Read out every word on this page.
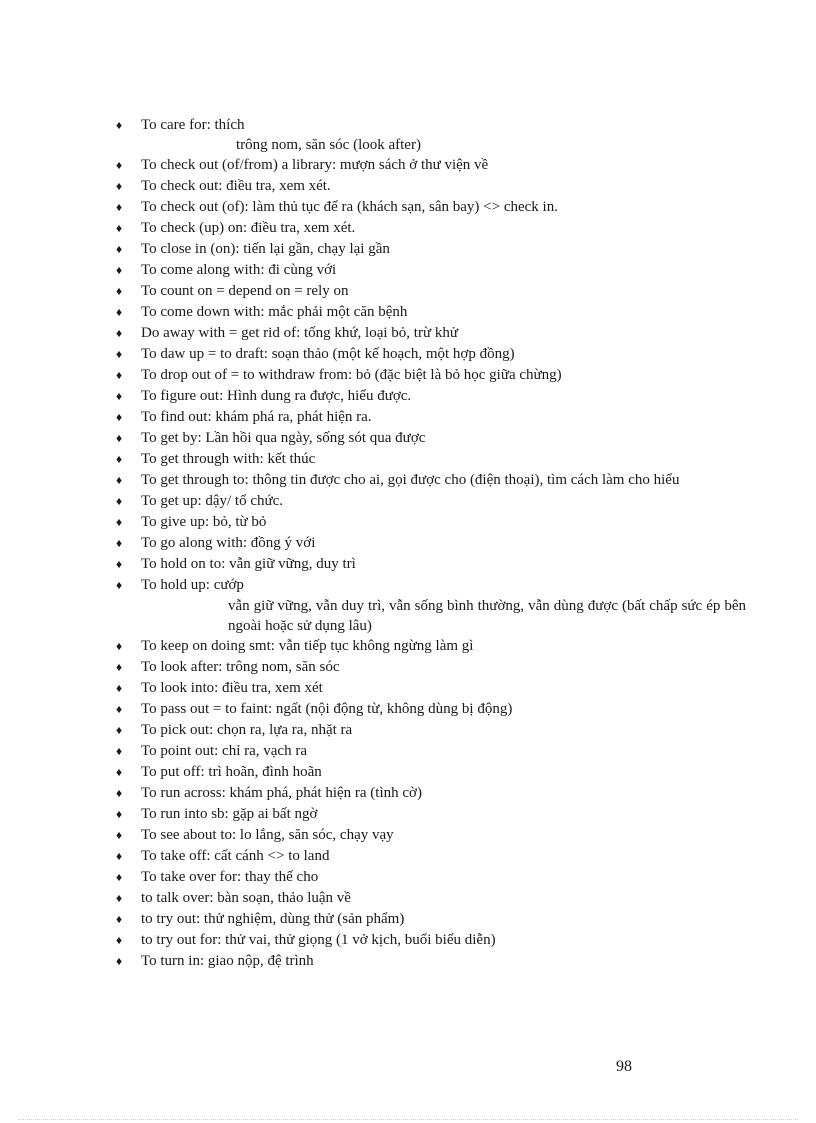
♦	To care for: thích
trông nom, săn sóc (look after)
♦	To check out (of/from) a library: mượn sách ở thư viện về
♦	To check out: điều tra, xem xét.
♦	To check out (of): làm thủ tục để ra (khách sạn, sân bay) <> check in.
♦	To check (up) on: điều tra, xem xét.
♦	To close in (on): tiến lại gần, chạy lại gần
♦	To come along with: đi cùng với
♦	To count on = depend on = rely on
♦	To come down with: mắc phải một căn bệnh
♦	Do away with = get rid of: tống khứ, loại bỏ, trừ khử
♦	To daw up = to draft: soạn thảo (một kế hoạch, một hợp đồng)
♦	To drop out of = to withdraw from: bỏ (đặc biệt là bỏ học giữa chừng)
♦	To figure out: Hình dung ra được, hiểu được.
♦	To find out: khám phá ra, phát hiện ra.
♦	To get by: Lần hồi qua ngày, sống sót qua được
♦	To get through with: kết thúc
♦	To get through to: thông tin được cho ai, gọi được cho (điện thoại), tìm cách làm cho hiểu
♦	To get up: dậy/ tổ chức.
♦	To give up: bỏ, từ bỏ
♦	To go along with: đồng ý với
♦	To hold on to: vẫn giữ vững, duy trì
♦	To hold up: cướp
vẫn giữ vững, vẫn duy trì, vẫn sống bình thường, vẫn dùng được (bất chấp sức ép bên ngoài hoặc sử dụng lâu)
♦	To keep on doing smt: vẫn tiếp tục không ngừng làm gì
♦	To look after: trông nom, săn sóc
♦	To look into: điều tra, xem xét
♦	To pass out = to faint: ngất (nội động từ, không dùng bị động)
♦	To pick out: chọn ra, lựa ra, nhặt ra
♦	To point out: chỉ ra, vạch ra
♦	To put off: trì hoãn, đình hoãn
♦	To run across: khám phá, phát hiện ra (tình cờ)
♦	To run into sb: gặp ai bất ngờ
♦	To see about to: lo lắng, săn sóc, chạy vạy
♦	To take off: cất cánh <> to land
♦	To take over for: thay thế cho
♦	to talk over: bàn soạn, thảo luận về
♦	to try out: thử nghiệm, dùng thử (sản phẩm)
♦	to try out for: thử vai, thử giọng (1 vở kịch, buổi biểu diễn)
♦	To turn in: giao nộp, đệ trình
98
